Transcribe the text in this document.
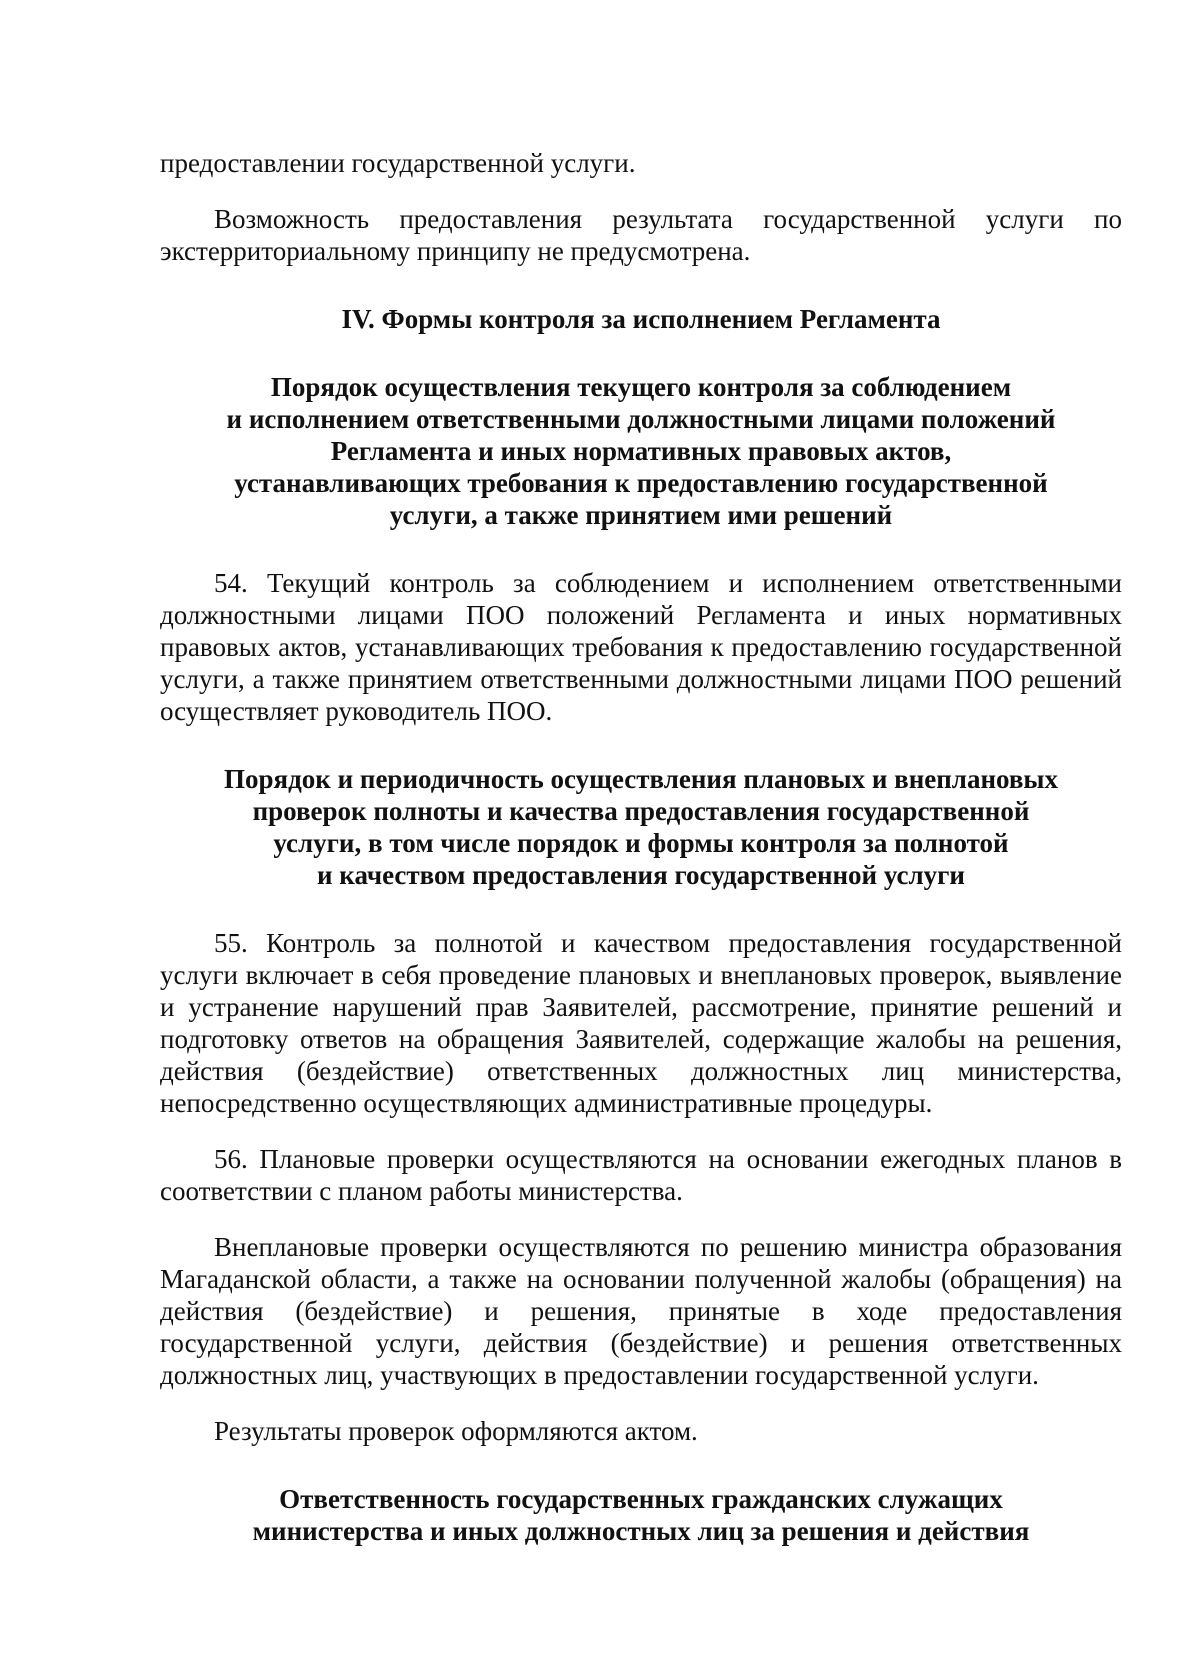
предоставлении государственной услуги.

Возможность предоставления результата государственной услуги по экстерриториальному принципу не предусмотрена.

IV. Формы контроля за исполнением Регламента

Порядок осуществления текущего контроля за соблюдением
и исполнением ответственными должностными лицами положений
Регламента и иных нормативных правовых актов,
устанавливающих требования к предоставлению государственной
услуги, а также принятием ими решений

54. Текущий контроль за соблюдением и исполнением ответственными должностными лицами ПОО положений Регламента и иных нормативных правовых актов, устанавливающих требования к предоставлению государственной услуги, а также принятием ответственными должностными лицами ПОО решений осуществляет руководитель ПОО.

Порядок и периодичность осуществления плановых и внеплановых
проверок полноты и качества предоставления государственной
услуги, в том числе порядок и формы контроля за полнотой
и качеством предоставления государственной услуги

55. Контроль за полнотой и качеством предоставления государственной услуги включает в себя проведение плановых и внеплановых проверок, выявление и устранение нарушений прав Заявителей, рассмотрение, принятие решений и подготовку ответов на обращения Заявителей, содержащие жалобы на решения, действия (бездействие) ответственных должностных лиц министерства, непосредственно осуществляющих административные процедуры.

56. Плановые проверки осуществляются на основании ежегодных планов в соответствии с планом работы министерства.

Внеплановые проверки осуществляются по решению министра образования Магаданской области, а также на основании полученной жалобы (обращения) на действия (бездействие) и решения, принятые в ходе предоставления государственной услуги, действия (бездействие) и решения ответственных должностных лиц, участвующих в предоставлении государственной услуги.

Результаты проверок оформляются актом.

Ответственность государственных гражданских служащих
министерства и иных должностных лиц за решения и действия
